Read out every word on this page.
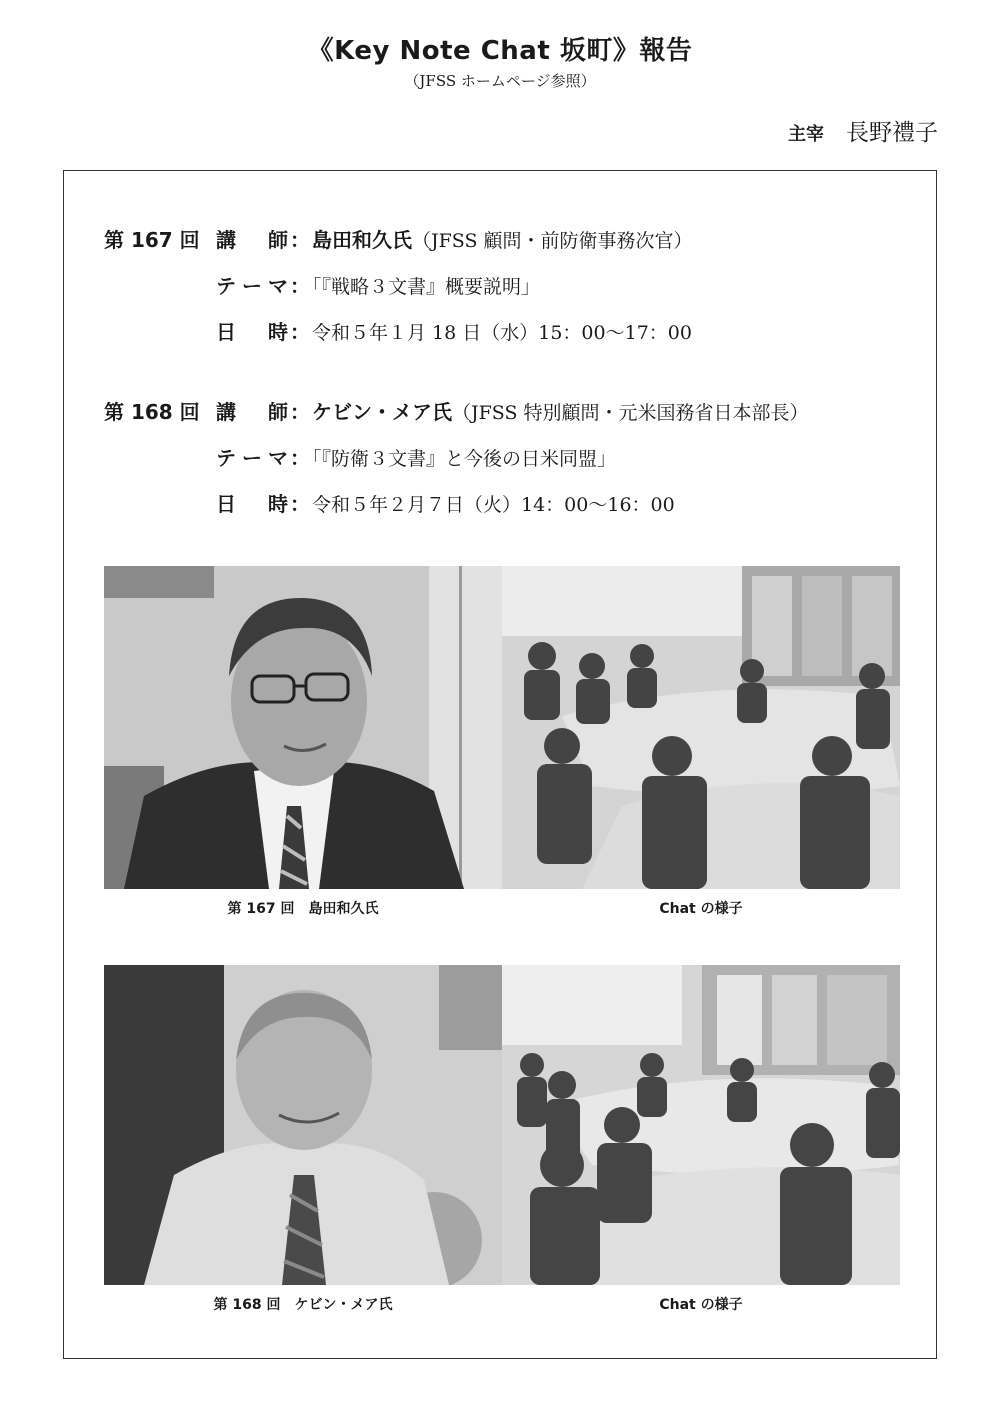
《Key Note Chat 坂町》報告
（JFSS ホームページ参照）
主宰 長野禮子
第 167 回 講　師 ： 島田和久氏（JFSS 顧問・前防衛事務次官）
テーマ ： 「『戦略３文書』概要説明」
日　時 ： 令和５年１月 18 日（水）15：00〜17：00
第 168 回 講　師 ： ケビン・メア氏（JFSS 特別顧問・元米国務省日本部長）
テーマ ： 「『防衛３文書』と今後の日米同盟」
日　時 ： 令和５年２月７日（火）14：00〜16：00
第 167 回　島田和久氏	Chat の様子
第 168 回　ケビン・メア氏	Chat の様子
